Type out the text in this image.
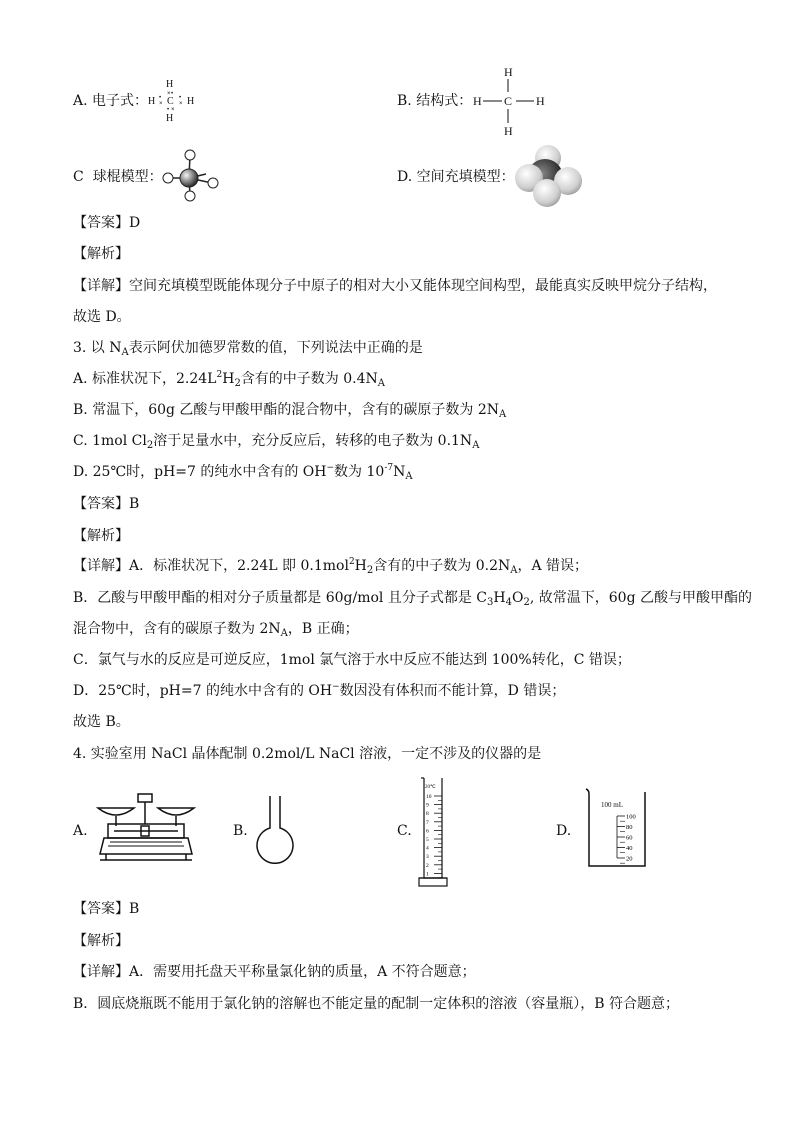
A. 电子式：
H
H C H
H
× •
•
×
•
×
• ×
B. 结构式：
H
H C H
H
C 球棍模型：	D. 空间充填模型：
【答案】D
【解析】
【详解】空间充填模型既能体现分子中原子的相对大小又能体现空间构型，最能真实反映甲烷分子结构，
故选 D。
3. 以 $N_A$表示阿伏加德罗常数的值，下列说法中正确的是
A. 标准状况下，$2.24L^2H_2$含有的中子数为 $0.4N_A$
B. 常温下，60g 乙酸与甲酸甲酯的混合物中，含有的碳原子数为 $2N_A$
C. 1mol $Cl_2$溶于足量水中，充分反应后，转移的电子数为 $0.1N_A$
D. 25℃时，pH=7 的纯水中含有的 OH−数为 $10^{-7}N_A$
【答案】B
【解析】
【详解】A．标准状况下，2.24L 即 $0.1mol^2H_2$含有的中子数为 $0.2N_A$，A 错误；
B．乙酸与甲酸甲酯的相对分子质量都是 60g/mol 且分子式都是 $C_3H_4O_2$, 故常温下，60g 乙酸与甲酸甲酯的
混合物中，含有的碳原子数为 $2N_A$，B 正确；
C．氯气与水的反应是可逆反应，1mol 氯气溶于水中反应不能达到 100%转化，C 错误；
D．25℃时，pH=7 的纯水中含有的 OH−数因没有体积而不能计算，D 错误；
故选 B。
4. 实验室用 NaCl 晶体配制 0.2mol/L NaCl 溶液，一定不涉及的仪器的是
A.	B.	C.
20℃
10
9
8
7
6
5
4
3
2
1
D.
100 mL
100
80
60
40
20
【答案】B
【解析】
【详解】A．需要用托盘天平称量氯化钠的质量，A 不符合题意；
B．圆底烧瓶既不能用于氯化钠的溶解也不能定量的配制一定体积的溶液（容量瓶），B 符合题意；
